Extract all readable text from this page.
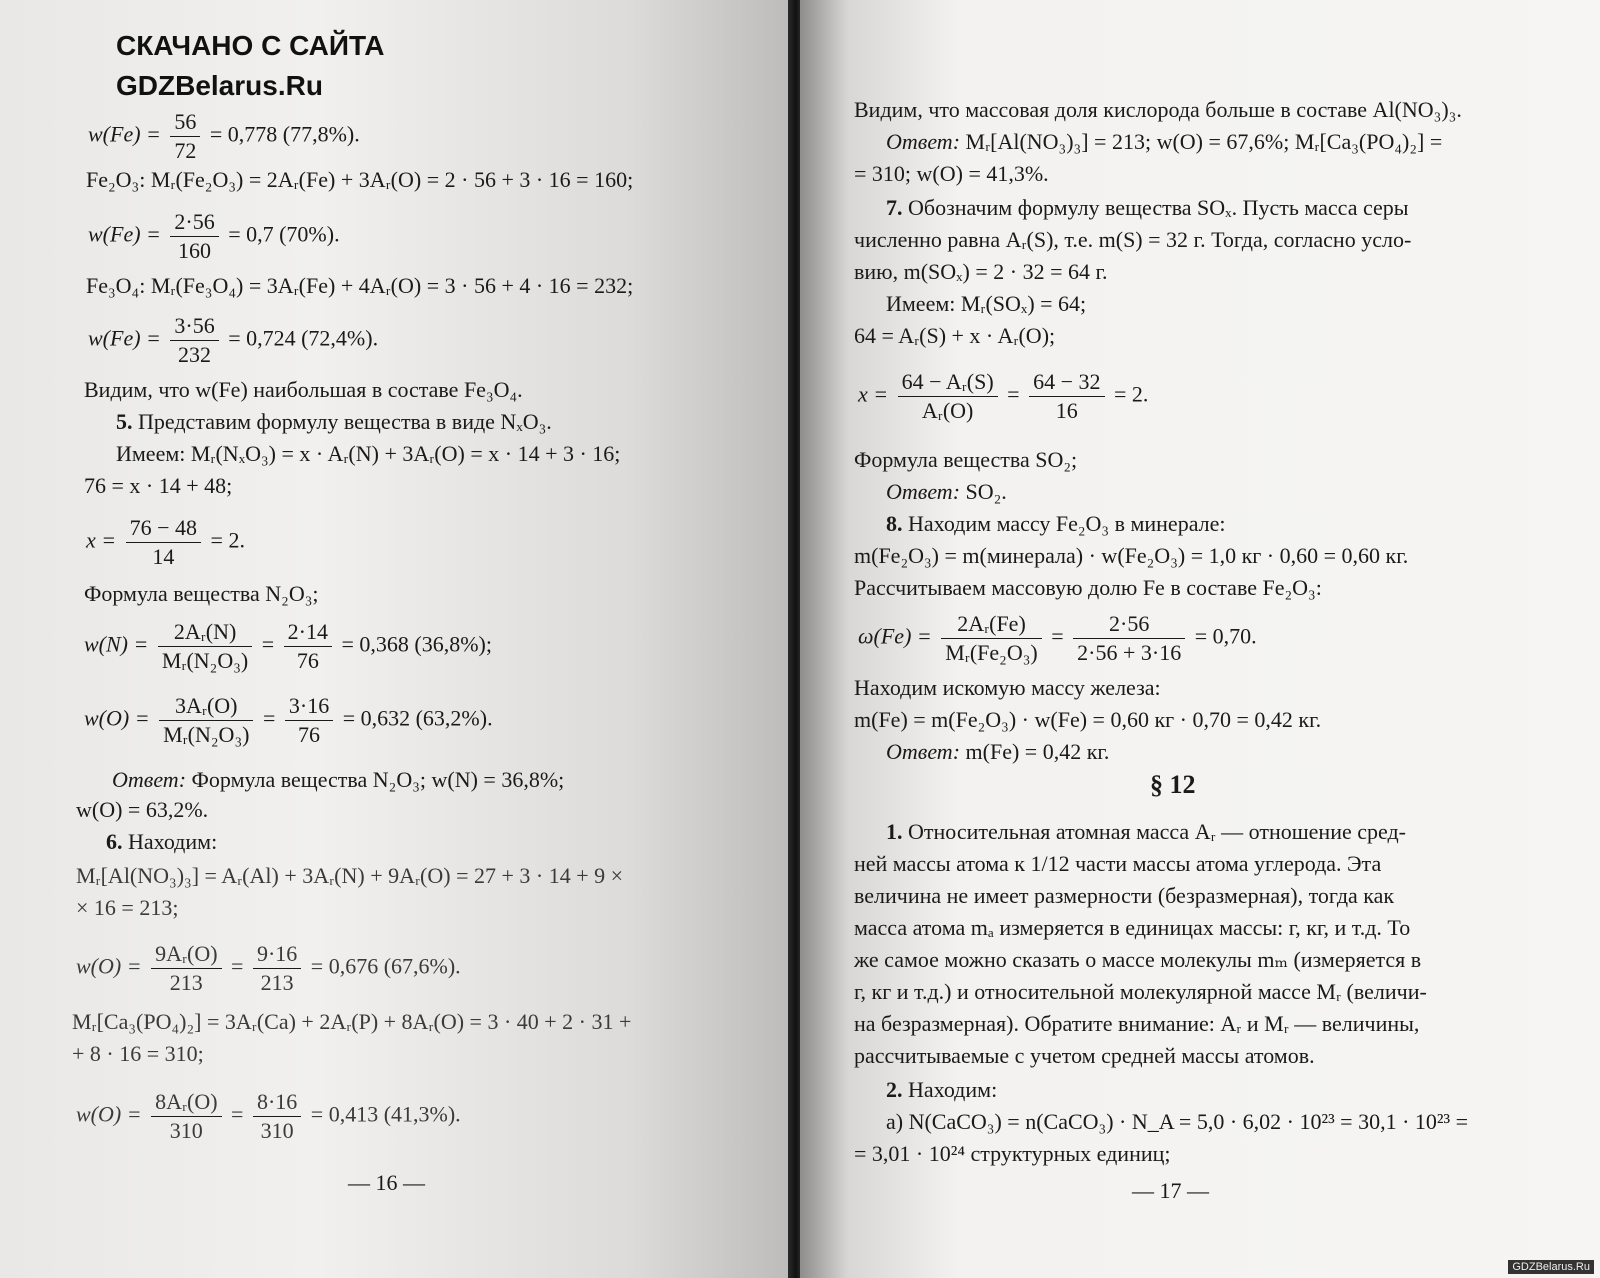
$w(Fe) = \frac{56}{72} = 0,778$ (77,8%).
Fe₂O₃: Mᵣ(Fe₂O₃) = 2Aᵣ(Fe) + 3Aᵣ(O) = 2 · 56 + 3 · 16 = 160;
$w(Fe) = \frac{2\cdot 56}{160} = 0,7$ (70%).
Fe₃O₄: Mᵣ(Fe₃O₄) = 3Aᵣ(Fe) + 4Aᵣ(O) = 3 · 56 + 4 · 16 = 232;
$w(Fe) = \frac{3\cdot 56}{232} = 0,724$ (72,4%).
Видим, что w(Fe) наибольшая в составе Fe₃O₄.
5. Представим формулу вещества в виде NₓO₃.
Имеем: Mᵣ(NₓO₃) = x · Aᵣ(N) + 3Aᵣ(O) = x · 14 + 3 · 16;
76 = x · 14 + 48;
$x = \frac{76 - 48}{14} = 2$.
Формула вещества N₂O₃;
$w(N) = \frac{\text{2Aᵣ(N)}}{\text{Mᵣ(N₂O₃)}} = \frac{2\cdot 14}{76} = 0,368$ (36,8%);
$w(O) = \frac{\text{3Aᵣ(O)}}{\text{Mᵣ(N₂O₃)}} = \frac{3\cdot 16}{76} = 0,632$ (63,2%).
Ответ: Формула вещества N₂O₃; w(N) = 36,8%;
w(O) = 63,2%.
6. Находим:
Mᵣ[Al(NO₃)₃] = Aᵣ(Al) + 3Aᵣ(N) + 9Aᵣ(O) = 27 + 3 · 14 + 9 ×
× 16 = 213;
$w(O) = \frac{\text{9Aᵣ(O)}}{213} = \frac{9\cdot 16}{213} = 0,676$ (67,6%).
Mᵣ[Ca₃(PO₄)₂] = 3Aᵣ(Ca) + 2Aᵣ(P) + 8Aᵣ(O) = 3 · 40 + 2 · 31 +
+ 8 · 16 = 310;
$w(O) = \frac{\text{8Aᵣ(O)}}{310} = \frac{8\cdot 16}{310} = 0,413$ (41,3%).
— 16 —
Видим, что массовая доля кислорода больше в составе Al(NO₃)₃.
Ответ: Mᵣ[Al(NO₃)₃] = 213; w(O) = 67,6%; Mᵣ[Ca₃(PO₄)₂] =
= 310; w(O) = 41,3%.
7. Обозначим формулу вещества SOₓ. Пусть масса серы
численно равна Aᵣ(S), т.е. m(S) = 32 г. Тогда, согласно усло-
вию, m(SOₓ) = 2 · 32 = 64 г.
Имеем: Mᵣ(SOₓ) = 64;
64 = Aᵣ(S) + x · Aᵣ(O);
$x = \frac{\text{64 − Aᵣ(S)}}{\text{Aᵣ(O)}} = \frac{64 - 32}{16} = 2$.
Формула вещества SO₂;
Ответ: SO₂.
8. Находим массу Fe₂O₃ в минерале:
m(Fe₂O₃) = m(минерала) · w(Fe₂O₃) = 1,0 кг · 0,60 = 0,60 кг.
Рассчитываем массовую долю Fe в составе Fe₂O₃:
$\omega(Fe) = \frac{\text{2Aᵣ(Fe)}}{\text{Mᵣ(Fe₂O₃)}} = \frac{2\cdot 56}{2\cdot 56 + 3\cdot 16} = 0,70$.
Находим искомую массу железа:
m(Fe) = m(Fe₂O₃) · w(Fe) = 0,60 кг · 0,70 = 0,42 кг.
Ответ: m(Fe) = 0,42 кг.
§ 12
1. Относительная атомная масса Aᵣ — отношение сред-
ней массы атома к 1/12 части массы атома углерода. Эта
величина не имеет размерности (безразмерная), тогда как
масса атома mₐ измеряется в единицах массы: г, кг, и т.д. То
же самое можно сказать о массе молекулы mₘ (измеряется в
г, кг и т.д.) и относительной молекулярной массе Mᵣ (величи-
на безразмерная). Обратите внимание: Aᵣ и Mᵣ — величины,
рассчитываемые с учетом средней массы атомов.
2. Находим:
а) N(CaCO₃) = n(CaCO₃) · N_A = 5,0 · 6,02 · 10²³ = 30,1 · 10²³ =
= 3,01 · 10²⁴ структурных единиц;
— 17 —
СКАЧАНО С САЙТА
GDZBelarus.Ru
GDZBelarus.Ru
